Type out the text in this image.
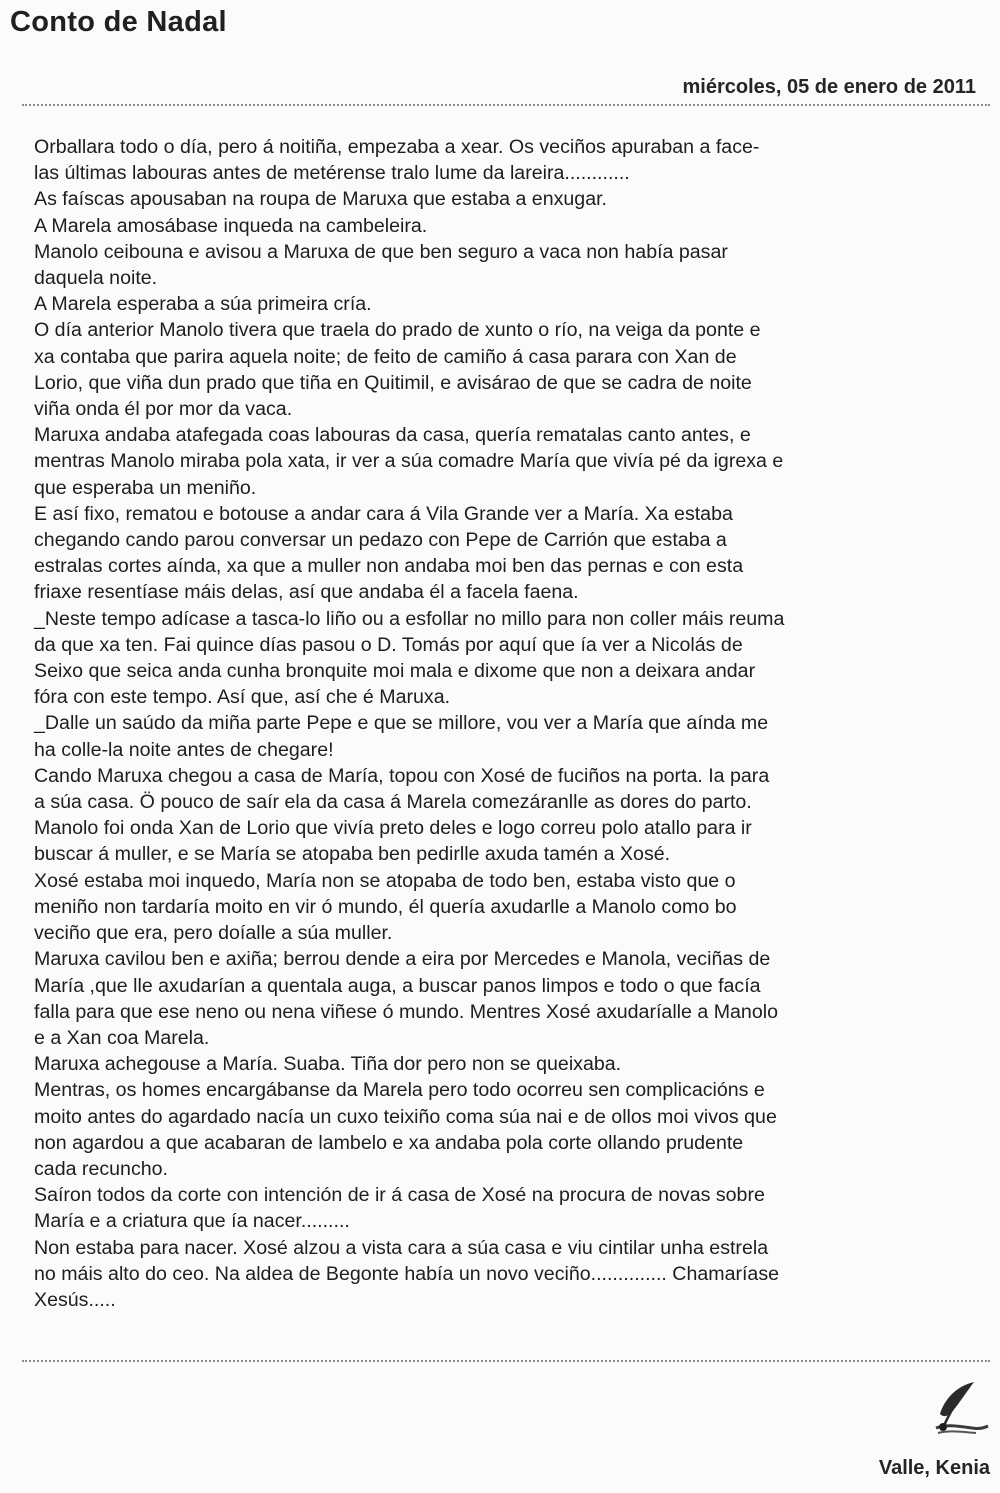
Conto de Nadal
miércoles, 05 de enero de 2011
Orballara todo o día, pero á noitiña, empezaba a xear. Os veciños apuraban a face-
las últimas labouras antes de metérense tralo lume da lareira............
As faíscas apousaban na roupa de Maruxa que estaba a enxugar.
A Marela amosábase inqueda na cambeleira.
Manolo ceibouna e avisou a Maruxa de que ben seguro a vaca non había pasar
daquela noite.
A Marela esperaba a súa primeira cría.
O día anterior Manolo tivera que traela do prado de xunto o río, na veiga da ponte e
xa contaba que parira aquela noite; de feito de camiño á casa parara con Xan de
Lorio, que viña dun prado que tiña en Quitimil, e avisárao de que se cadra de noite
viña onda él por mor da vaca.
Maruxa andaba atafegada coas labouras da casa, quería rematalas canto antes, e
mentras Manolo miraba pola xata, ir ver a súa comadre María que vivía pé da igrexa e
que esperaba un meniño.
E así fixo, rematou e botouse a andar cara á Vila Grande ver a María. Xa estaba
chegando cando parou conversar un pedazo con Pepe de Carrión que estaba a
estralas cortes aínda, xa que a muller non andaba moi ben das pernas e con esta
friaxe resentíase máis delas, así que andaba él a facela faena.
_Neste tempo adícase a tasca-lo liño ou a esfollar no millo para non coller máis reuma
da que xa ten. Fai quince días pasou o D. Tomás por aquí que ía ver a Nicolás de
Seixo que seica anda cunha bronquite moi mala e dixome que non a deixara andar
fóra con este tempo. Así que, así che é Maruxa.
_Dalle un saúdo da miña parte Pepe e que se millore, vou ver a María que aínda me
ha colle-la noite antes de chegare!
Cando Maruxa chegou a casa de María, topou con Xosé de fuciños na porta. Ia para
a súa casa. Ö pouco de saír ela da casa á Marela comezáranlle as dores do parto.
Manolo foi onda Xan de Lorio que vivía preto deles e logo correu polo atallo para ir
buscar á muller, e se María se atopaba ben pedirlle axuda tamén a Xosé.
Xosé estaba moi inquedo, María non se atopaba de todo ben, estaba visto que o
meniño non tardaría moito en vir ó mundo, él quería axudarlle a Manolo como bo
veciño que era, pero doíalle a súa muller.
Maruxa cavilou ben e axiña; berrou dende a eira por Mercedes e Manola, veciñas de
María ,que lle axudarían a quentala auga, a buscar panos limpos e todo o que facía
falla para que ese neno ou nena viñese ó mundo. Mentres Xosé axudaríalle a Manolo
e a Xan coa Marela.
Maruxa achegouse a María. Suaba. Tiña dor pero non se queixaba.
Mentras, os homes encargábanse da Marela pero todo ocorreu sen complicacións e
moito antes do agardado nacía un cuxo teixiño coma súa nai e de ollos moi vivos que
non agardou a que acabaran de lambelo e xa andaba pola corte ollando prudente
cada recuncho.
Saíron todos da corte con intención de ir á casa de Xosé na procura de novas sobre
María e a criatura que ía nacer.........
Non estaba para nacer. Xosé alzou a vista cara a súa casa e viu cintilar unha estrela
no máis alto do ceo. Na aldea de Begonte había un novo veciño.............. Chamaríase
Xesús.....
Valle, Kenia
